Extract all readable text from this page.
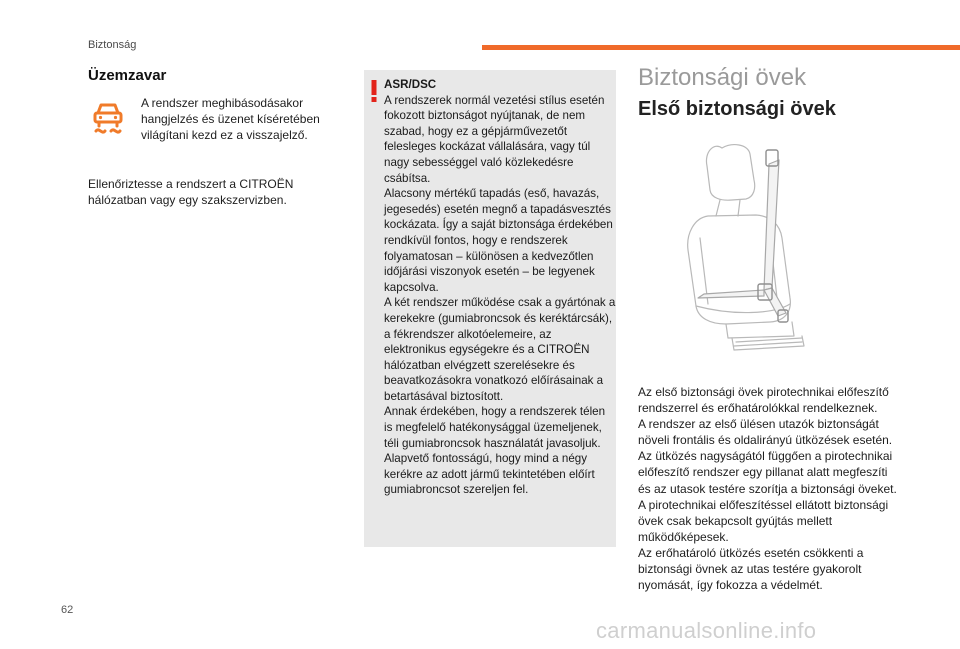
Biztonság
Üzemzavar
A rendszer meghibásodásakor hangjelzés és üzenet kíséretében világítani kezd ez a visszajelző.
Ellenőriztesse a rendszert a CITROËN hálózatban vagy egy szakszervizben.
ASR/DSC
A rendszerek normál vezetési stílus esetén fokozott biztonságot nyújtanak, de nem szabad, hogy ez a gépjárművezetőt felesleges kockázat vállalására, vagy túl nagy sebességgel való közlekedésre csábítsa.
Alacsony mértékű tapadás (eső, havazás, jegesedés) esetén megnő a tapadásvesztés kockázata. Így a saját biztonsága érdekében rendkívül fontos, hogy e rendszerek folyamatosan – különösen a kedvezőtlen időjárási viszonyok esetén – be legyenek kapcsolva.
A két rendszer működése csak a gyártónak a kerekekre (gumiabroncsok és keréktárcsák), a fékrendszer alkotóelemeire, az elektronikus egységekre és a CITROËN hálózatban elvégzett szerelésekre és beavatkozásokra vonatkozó előírásainak a betartásával biztosított.
Annak érdekében, hogy a rendszerek télen is megfelelő hatékonysággal üzemeljenek, téli gumiabroncsok használatát javasoljuk.
Alapvető fontosságú, hogy mind a négy kerékre az adott jármű tekintetében előírt gumiabroncsot szereljen fel.
Biztonsági övek
Első biztonsági övek
Az első biztonsági övek pirotechnikai előfeszítő rendszerrel és erőhatárolókkal rendelkeznek.
A rendszer az első ülésen utazók biztonságát növeli frontális és oldalirányú ütközések esetén. Az ütközés nagyságától függően a pirotechnikai előfeszítő rendszer egy pillanat alatt megfeszíti és az utasok testére szorítja a biztonsági öveket.
A pirotechnikai előfeszítéssel ellátott biztonsági övek csak bekapcsolt gyújtás mellett működőképesek.
Az erőhatároló ütközés esetén csökkenti a biztonsági övnek az utas testére gyakorolt nyomását, így fokozza a védelmét.
62
carmanualsonline.info
